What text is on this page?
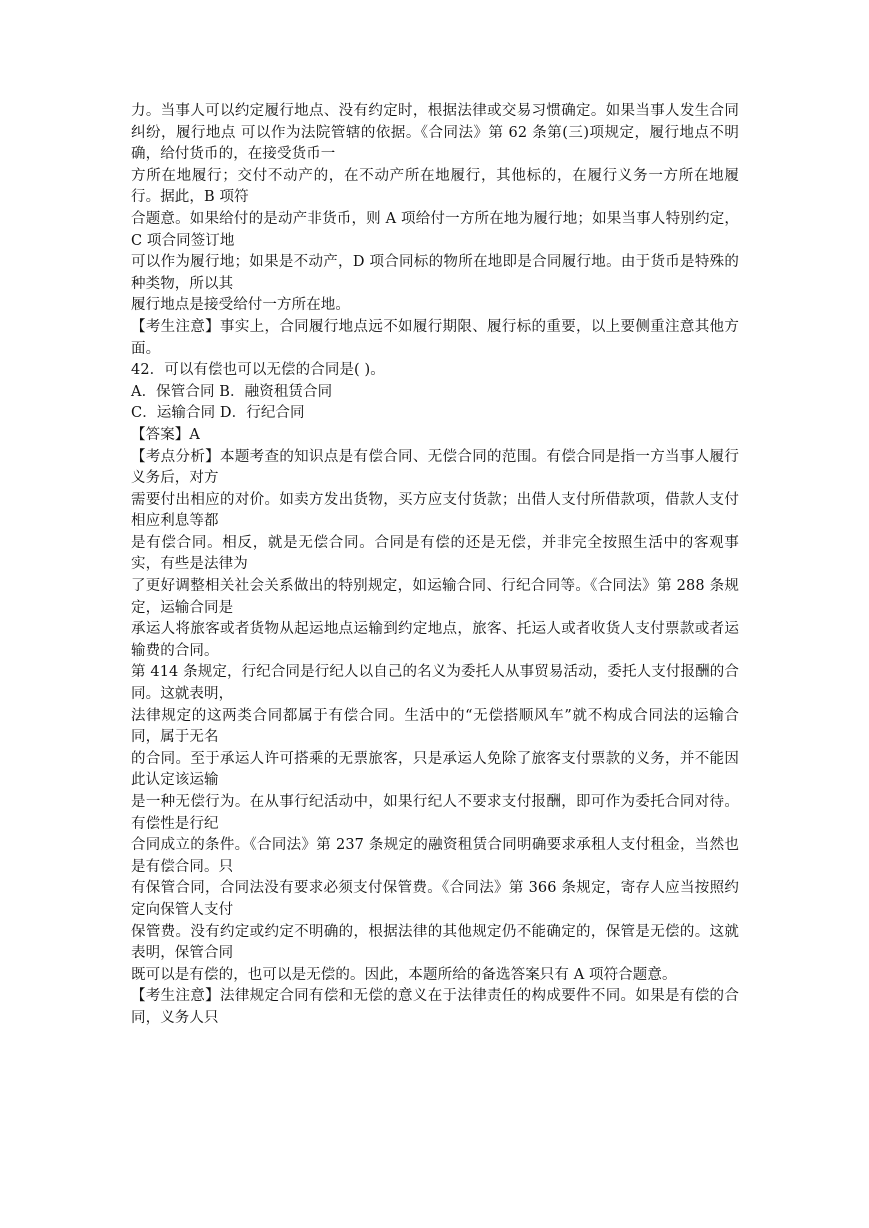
力。当事人可以约定履行地点、没有约定时，根据法律或交易习惯确定。如果当事人发生合同纠纷，履行地点 可以作为法院管辖的依据。《合同法》第 62 条第(三)项规定，履行地点不明确，给付货币的，在接受货币一

方所在地履行；交付不动产的，在不动产所在地履行，其他标的，在履行义务一方所在地履行。据此，B 项符

合题意。如果给付的是动产非货币，则 A 项给付一方所在地为履行地；如果当事人特别约定，C 项合同签订地

可以作为履行地；如果是不动产，D 项合同标的物所在地即是合同履行地。由于货币是特殊的种类物，所以其

履行地点是接受给付一方所在地。

【考生注意】事实上，合同履行地点远不如履行期限、履行标的重要，以上要侧重注意其他方面。

42．可以有偿也可以无偿的合同是( )。

A．保管合同 B．融资租赁合同

C．运输合同 D．行纪合同

【答案】A

【考点分析】本题考查的知识点是有偿合同、无偿合同的范围。有偿合同是指一方当事人履行义务后，对方

需要付出相应的对价。如卖方发出货物，买方应支付货款；出借人支付所借款项，借款人支付相应利息等都

是有偿合同。相反，就是无偿合同。合同是有偿的还是无偿，并非完全按照生活中的客观事实，有些是法律为

了更好调整相关社会关系做出的特别规定，如运输合同、行纪合同等。《合同法》第 288 条规定，运输合同是

承运人将旅客或者货物从起运地点运输到约定地点，旅客、托运人或者收货人支付票款或者运输费的合同。

第 414 条规定，行纪合同是行纪人以自己的名义为委托人从事贸易活动，委托人支付报酬的合同。这就表明，

法律规定的这两类合同都属于有偿合同。生活中的“无偿搭顺风车”就不构成合同法的运输合同，属于无名

的合同。至于承运人许可搭乘的无票旅客，只是承运人免除了旅客支付票款的义务，并不能因此认定该运输

是一种无偿行为。在从事行纪活动中，如果行纪人不要求支付报酬，即可作为委托合同对待。有偿性是行纪

合同成立的条件。《合同法》第 237 条规定的融资租赁合同明确要求承租人支付租金，当然也是有偿合同。只

有保管合同，合同法没有要求必须支付保管费。《合同法》第 366 条规定，寄存人应当按照约定向保管人支付

保管费。没有约定或约定不明确的，根据法律的其他规定仍不能确定的，保管是无偿的。这就表明，保管合同

既可以是有偿的，也可以是无偿的。因此，本题所给的备选答案只有 A 项符合题意。

【考生注意】法律规定合同有偿和无偿的意义在于法律责任的构成要件不同。如果是有偿的合同，义务人只
